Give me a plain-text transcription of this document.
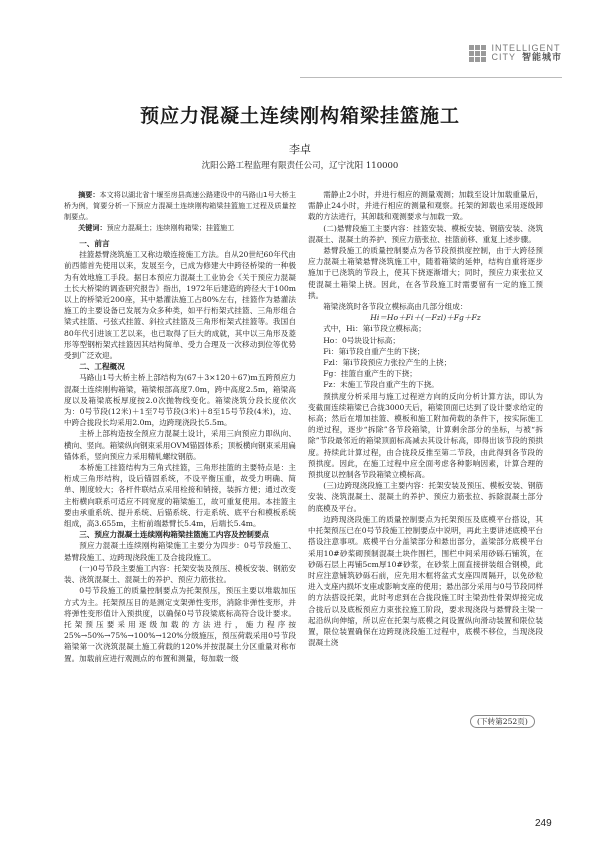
INTELLIGENT
CITY 智能城市
预应力混凝土连续刚构箱梁挂篮施工
李卓
沈阳公路工程监理有限责任公司，辽宁沈阳 110000

摘要：本文将以湖北省十堰至房县高速公路建设中的马路山1号大桥主桥为例，简要分析一下预应力混凝土连续刚构箱梁挂篮施工过程及质量控制要点。

关键词：预应力混凝土；连续刚构箱梁；挂篮施工

一、前言

挂篮悬臂浇筑施工又称边墩连接施工方法。自从20世纪60年代由前西德首先使用以来，发展至今，已成为修建大中跨径桥梁的一种极为有效地施工手段。据日本预应力混凝土工业协会《关于预应力混凝土长大桥梁的调查研究报告》指出，1972年后建造的跨径大于100m以上的桥梁近200座，其中悬灌法施工占80%左右，挂篮作为悬灌法施工的主要设备已发展为众多种类，如平行桁架式挂篮、三角形组合梁式挂篮、弓弦式挂篮、斜拉式挂篮及三角形桁架式挂篮等。我国自80年代引进该工艺以来，也已取得了巨大的成就，其中以三角形及菱形等型钢桁架式挂篮因其结构简单、受力合理及一次移动到位等优势受到广泛欢迎。

二、工程概况

马路山1号大桥主桥上部结构为(67＋3×120＋67)m五跨预应力混凝土连续刚构箱梁，箱梁根部高度7.0m，跨中高度2.5m，箱梁高度以及箱梁底板厚度按2.0次抛物线变化。箱梁浇筑分段长度依次为：0号节段(12米)＋1至7号节段(3米)＋8至15号节段(4米)，边、中跨合拢段长均采用2.0m，边跨现浇段长5.5m。

主桥上部构造按全预应力混凝土设计，采用三向预应力即纵向、横向、竖向。箱梁纵向钢束采用OVM锚固体系；顶板横向钢束采用扁锚体系，竖向预应力采用精轧螺纹钢筋。

本桥施工挂篮结构为三角式挂篮，三角形挂篮的主要特点是：主桁成三角形结构，设后锚固系统，不设平衡压重，故受力明确、简单、刚度较大；各杆件联结点采用栓接和销接，装拆方便；通过改变主桁横向联系可适应不同宽度的箱梁施工，故可重复使用。本挂篮主要由承重系统、提升系统、后锚系统、行走系统、底平台和模板系统组成，高3.655m，主桁前端悬臂长5.4m，后端长5.4m。

三、预应力混凝土连续刚构箱梁挂篮施工内容及控制要点

预应力混凝土连续刚构箱梁施工主要分为四步：0号节段施工、悬臂段施工、边跨现浇段施工及合拢段施工。

(一)0号节段主要施工内容：托架安装及预压、模板安装、钢筋安装、浇筑混凝土、混凝土的养护、预应力筋张拉。

0号节段施工的质量控制要点为托架预压，预压主要以堆载加压方式为主。托架预压目的是测定支架弹性变形，消除非弹性变形，并将弹性变形值计入预拱度，以确保0号节段梁底标高符合设计要求。托架预压要采用逐级加载的方法进行，施力程序按25%→50%→75%→100%→120%分级施压，预压荷载采用0号节段箱梁第一次浇筑混凝土施工荷载的120%并按混凝土分区重量对称布置。加载前应进行观测点的布置和测量，每加载一级

需静止2小时，并进行相应的测量观测；加载至设计加载重量后，需静止24小时，并进行相应的测量和观察。托架的卸载也采用逐级卸载的方法进行，其卸载和观测要求与加载一致。

(二)悬臂段施工主要内容：挂篮安装、模板安装、钢筋安装、浇筑混凝土、混凝土的养护、预应力筋张拉、挂篮前移、重复上述步骤。

悬臂段施工的质量控制要点为各节段预拱度控制，由于大跨径预应力混凝土箱梁悬臂浇筑施工中，随着箱梁的延伸，结构自重将逐步施加于已浇筑的节段上，使其下挠逐渐增大；同时，预应力束张拉又使混凝土箱梁上挠。因此，在各节段施工时需要留有一定的施工预拱。

箱梁浇筑时各节段立模标高由几部分组成：

Hi＝Ho＋Fi＋(－Fzl)＋Fg＋Fz

式中，Hi：第i节段立模标高；

Ho：0号块设计标高；

Fi：第i节段自重产生的下挠；

Fzl：第i节段预应力张拉产生的上挠；

Fg：挂篮自重产生的下挠；

Fz：未施工节段自重产生的下挠。

预拱度分析采用与施工过程逆方向的反向分析计算方法，即认为变截面连续箱梁已合拢3000天后，箱梁顶面已达到了设计要求给定的标高；然后在增加挂篮、模板和施工附加荷载的条件下，按实际施工的逆过程，逐步“拆除”各节段箱梁，计算剩余部分的坐标，与被“拆除”节段最邻近的箱梁顶面标高减去其设计标高，即得出该节段的预拱度。持续此计算过程，由合拢段反推至第二节段，由此得到各节段的预拱度。因此，在施工过程中应全面考虑各种影响因素，计算合理的预拱度以控制各节段箱梁立模标高。

(三)边跨现浇段施工主要内容：托架安装及预压、模板安装、钢筋安装、浇筑混凝土、混凝土的养护、预应力筋张拉、拆除混凝土部分的底模及平台。

边跨现浇段施工的质量控制要点为托架预压及底模平台搭设，其中托架预压已在0号节段施工控制要点中说明，再此主要讲述底模平台搭设注意事项。底模平台分盖梁部分和悬出部分，盖梁部分底模平台采用10#砂桨砌预制混凝土块作围栏，围栏中间采用砂砾石铺筑，在砂砾石层上再铺5cm厚10#砂浆，在砂浆上面直接拼装组合钢模，此时应注意铺筑砂砾石前，应先用木框将盆式支座四周隔开，以免砂粒进入支座内损坏支座或影响支座的使用；悬出部分采用与0号节段同样的方法搭设托架，此时考虑到在合拢段施工时主梁劲性骨架焊接完成合拢后以及底板预应力束张拉施工阶段，要求现浇段与悬臂段主梁一起沿纵向伸缩，所以应在托架与底模之间设置纵向滑动装置和限位装置，限位装置确保在边跨现浇段施工过程中，底模不移位，当现浇段混凝土浇

(下转第252页)
249
